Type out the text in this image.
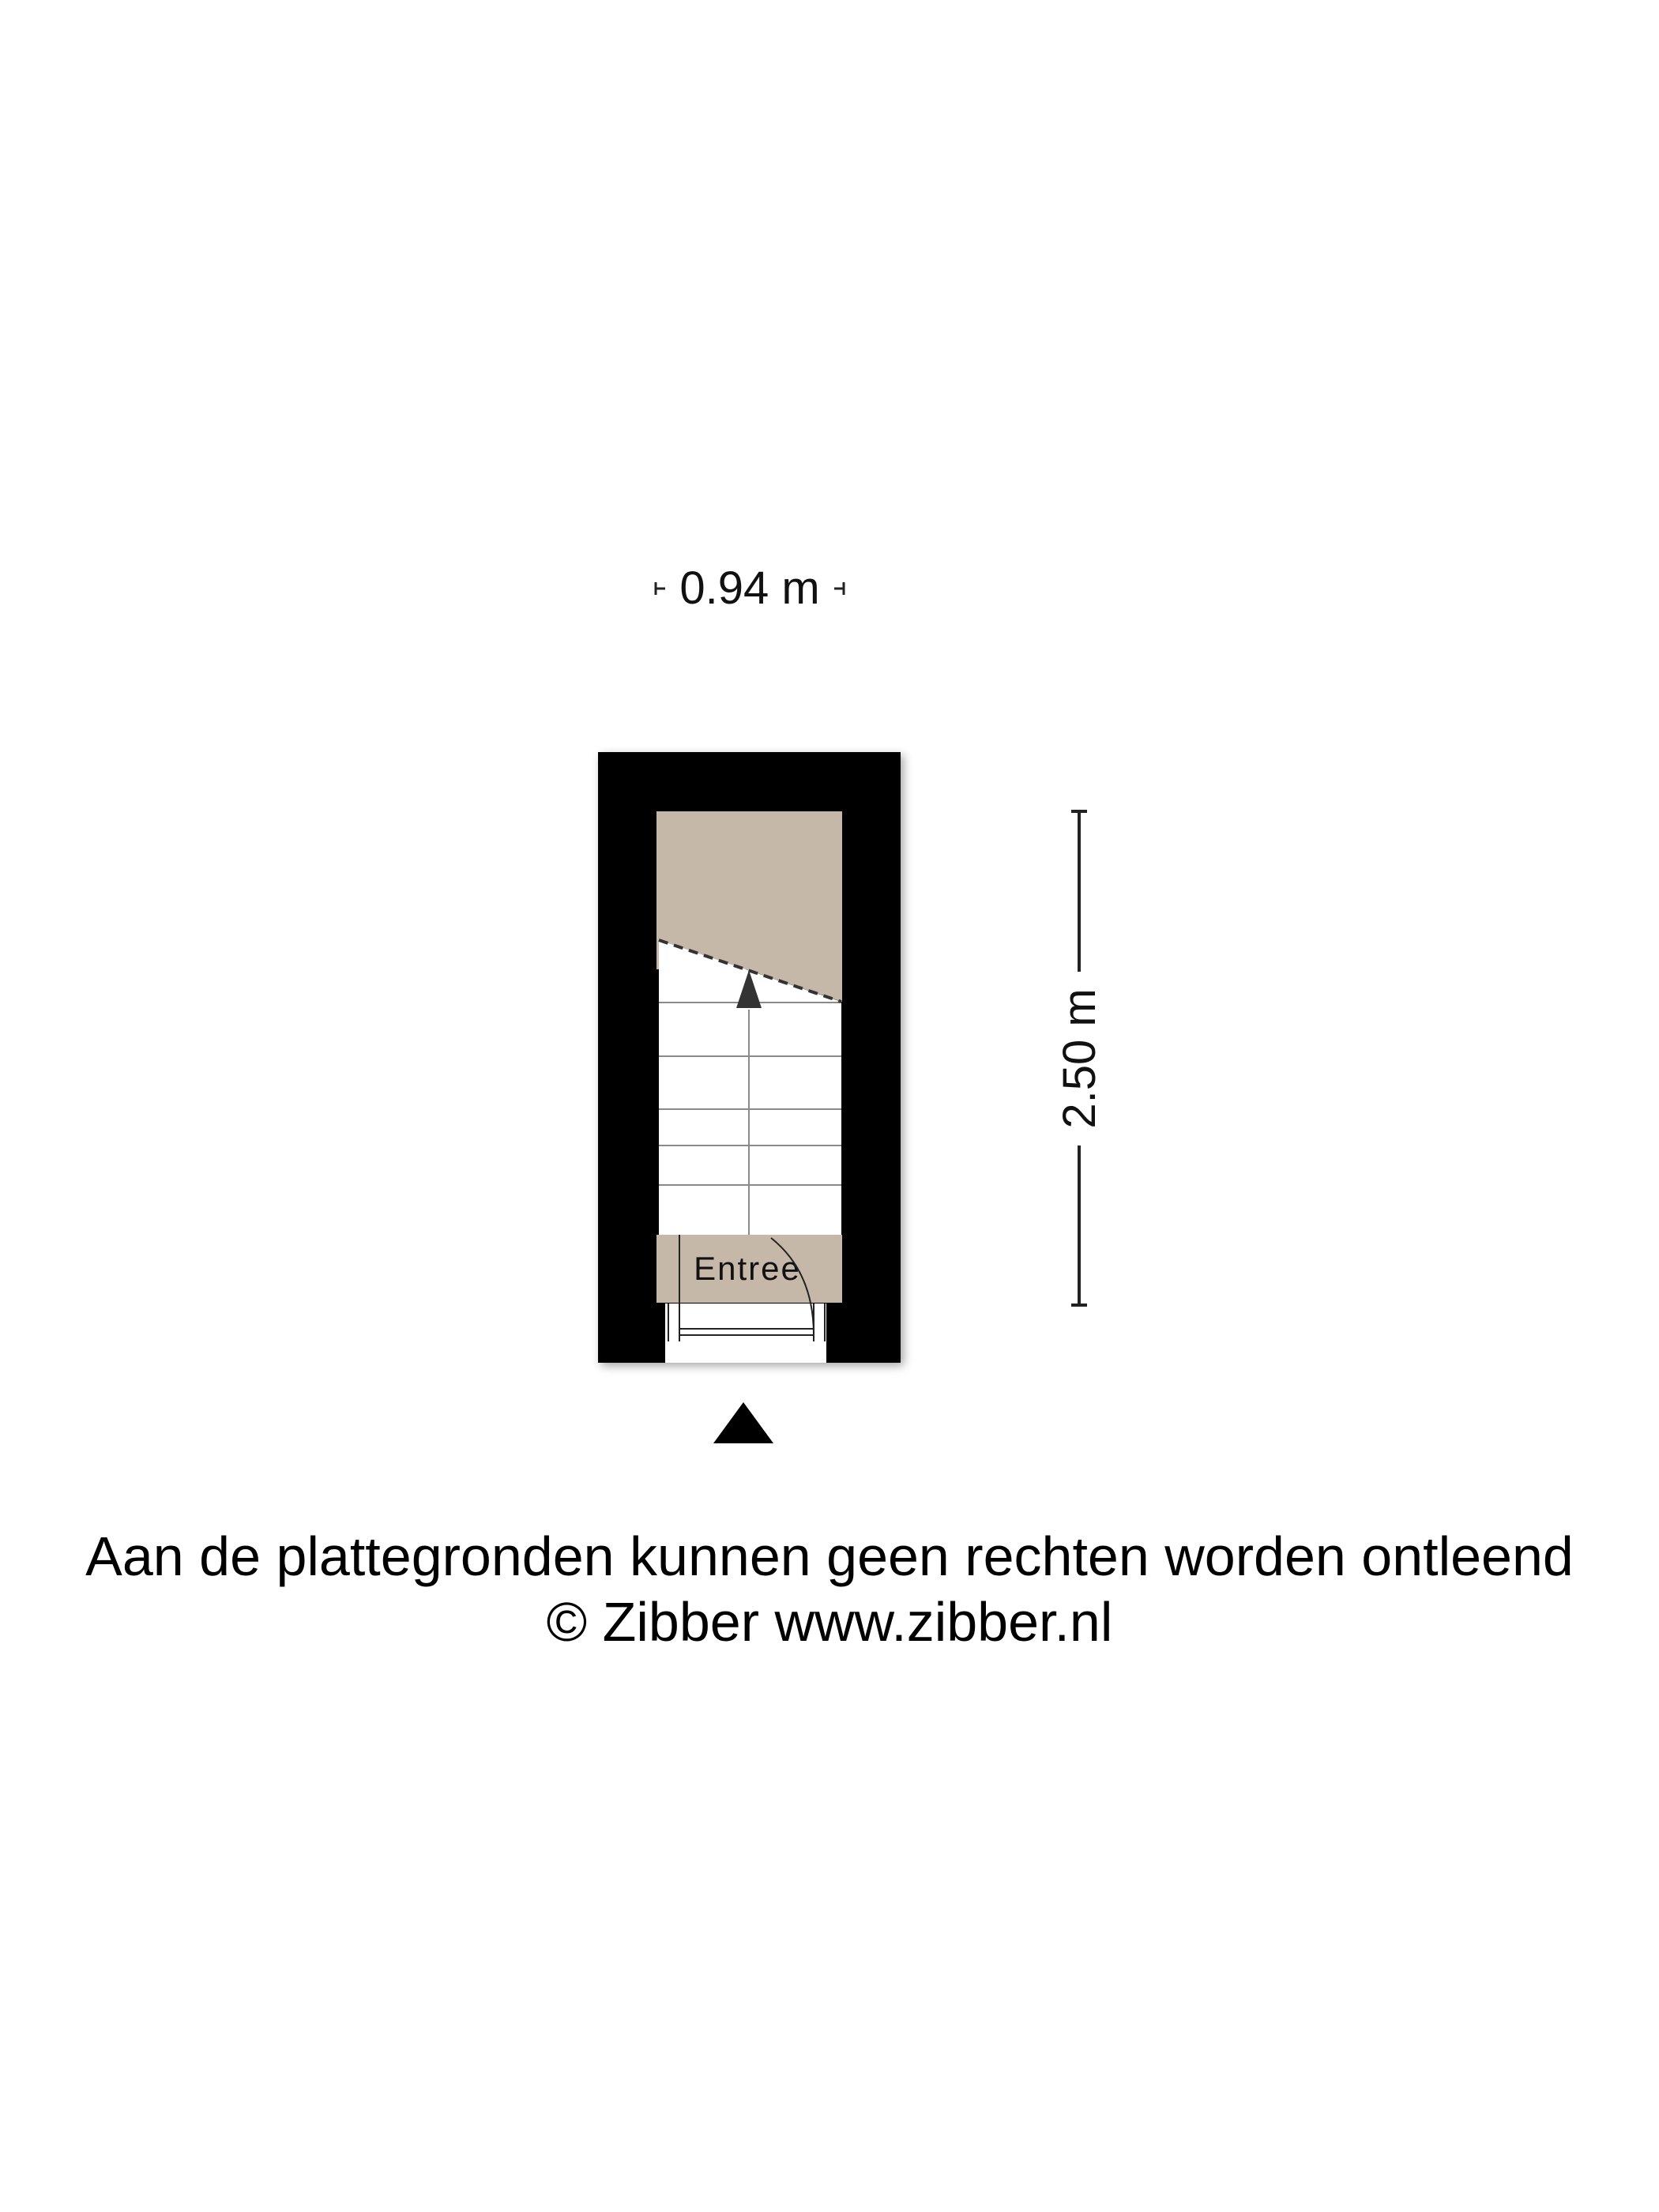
0.94 m
2.50 m
Entree
Aan de plattegronden kunnen geen rechten worden ontleend
© Zibber www.zibber.nl
